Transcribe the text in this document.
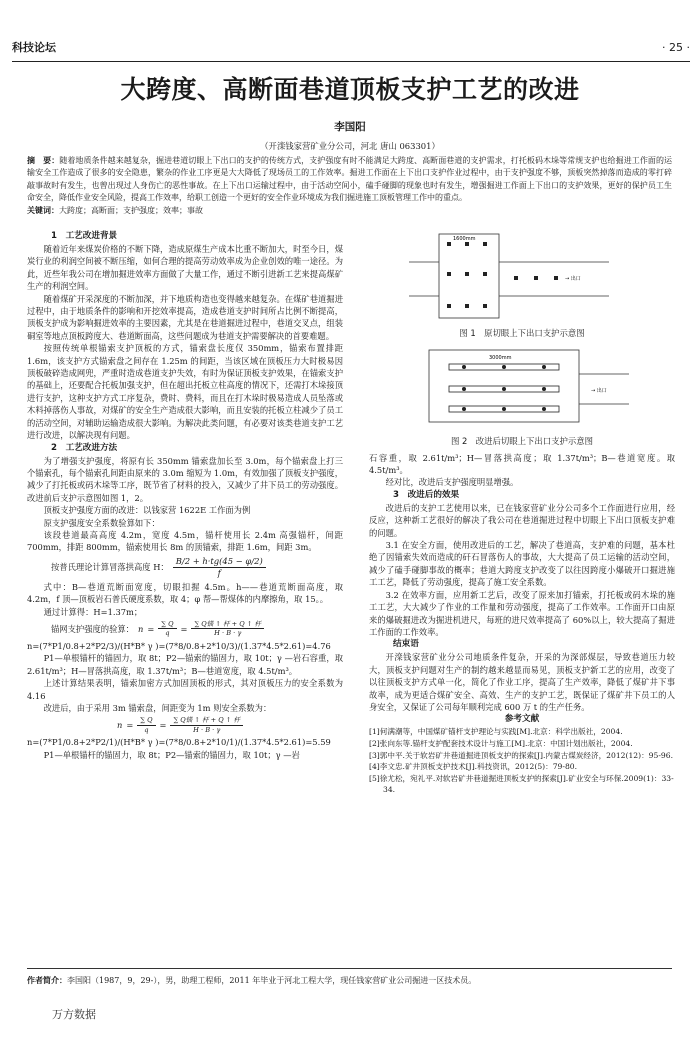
科技论坛	· 25 ·
大跨度、高断面巷道顶板支护工艺的改进
李国阳
（开滦钱家营矿业分公司，河北 唐山 063301）
摘　要：随着地质条件越来越复杂，掘进巷道切眼上下出口的支护的传统方式，支护强度有时不能满足大跨度、高断面巷道的支护需求，打托板码木垛等常规支护也给掘进工作面的运输安全工作造成了很多的安全隐患，繁杂的作业工序更是大大降低了现场员工的工作效率。掘进工作面在上下出口支护作业过程中，由于支护强度不够，顶板突然掉落而造成的零打碎敲事故时有发生，也曾出现过人身伤亡的恶性事故。在上下出口运输过程中，由于活动空间小，磕手碰脚的现象也时有发生，增强掘进工作面上下出口的支护效果，更好的保护员工生命安全，降低作业安全风险，提高工作效率，给职工创造一个更好的安全作业环境成为我们掘进施工顶板管理工作中的重点。
关键词：大跨度；高断面；支护强度；效率；事故
1　工艺改进背景

随着近年来煤炭价格的不断下降，造成原煤生产成本比重不断加大，时至今日，煤炭行业的利润空间被不断压缩，如何合理的提高劳动效率成为企业创效的唯一途径。为此，近些年我公司在增加掘进效率方面做了大量工作，通过不断引进新工艺来提高煤矿生产的利润空间。

随着煤矿开采深度的不断加深，并下地质构造也变得越来越复杂。在煤矿巷道掘进过程中，由于地质条件的影响和开挖效率提高，造成巷道支护时间所占比例不断提高，顶板支护成为影响掘进效率的主要因素，尤其是在巷道掘进过程中，巷道交叉点，组装硐室等地点顶板跨度大、巷道断面高，这些问题成为巷道支护需要解决的首要难题。

按照传统单根锚索支护顶板的方式，锚索盘长度仅 350mm，锚索布置排距 1.6m，该支护方式锚索盘之间存在 1.25m 的间距，当该区域在顶板压力大时极易因顶板破碎造成网兜，严重时造成巷道支护失效，有时为保证顶板支护效果，在锚索支护的基础上，还要配合托板加强支护，但在超出托板立柱高度的情况下，还需打木垛接顶进行支护，这种支护方式工序复杂，费时、费料，而且在打木垛时极易造成人员坠落或木料掉落伤人事故，对煤矿的安全生产造成很大影响，而且安装的托板立柱减少了员工的活动空间，对辅助运输造成很大影响。为解决此类问题，有必要对该类巷道支护工艺进行改进，以解决现有问题。

2　工艺改进方法

为了增强支护强度，将原有长 350mm 锚索盘加长至 3.0m，每个锚索盘上打三个锚索孔，每个锚索孔间距由原来的 3.0m 缩短为 1.0m，有效加强了顶板支护强度，减少了打托板或码木垛等工序，既节省了材料的投入，又减少了井下员工的劳动强度。改进前后支护示意图如图 1，2。

顶板支护强度方面的改进：以钱家营 1622E 工作面为例

原支护强度安全系数验算如下：

该段巷道最高高度 4.2m，宽度 4.5m，锚杆使用长 2.4m 高强锚杆，间距 700mm，排距 800mm，锚索使用长 8m 的顶锚索，排距 1.6m，间距 3m。

按普氏理论计算冒落拱高度 H： $\frac{B/2 + h\cdot tg(45 - \varphi/2)}{f}$

式中：B—巷道荒断面宽度，切眼扣握 4.5m。h——巷道荒断面高度，取 4.2m，f 顶—顶板岩石普氏硬度系数，取 4；φ 帮—帮煤体的内摩擦角，取 15。。

通过计算得：H=1.37m；

锚网支护强度的验算： $n = \frac{\sum Q}{q} = \frac{\text{∑ Q锚 ↑ 杆 + Q ↑ 杆}}{H \cdot B \cdot \gamma}$

n=(7*P1/0.8+2*P2/3)/(H*B* γ )=(7*8/0.8+2*10/3)/(1.37*4.5*2.61)=4.76

P1—单根锚杆的锚固力，取 8t；P2—锚索的锚固力，取 10t；γ —岩石容重，取 2.61t/m³；H—冒落拱高度，取 1.37t/m³；B—巷道宽度，取 4.5t/m³。

上述计算结果表明，锚索加密方式加固顶板的形式，其对顶板压力的安全系数为 4.16

改进后，由于采用 3m 锚索盘，间距变为 1m 则安全系数为：

$n = \frac{\sum Q}{q} = \frac{\text{∑ Q锚 ↑ 杆 + Q ↑ 杆}}{H \cdot B \cdot \gamma}$

n=(7*P1/0.8+2*P2/1)/(H*B* γ )=(7*8/0.8+2*10/1)/(1.37*4.5*2.61)=5.59

P1—单根锚杆的锚固力，取 8t；P2—锚索的锚固力，取 10t；γ —岩

1600mm
→ 出口
图 1　原切眼上下出口支护示意图
3000mm
→ 出口
图 2　改进后切眼上下出口支护示意图

石容重，取 2.61t/m³；H—冒落拱高度；取 1.37t/m³；B—巷道宽度。取 4.5t/m³。

经对比，改进后支护强度明显增强。

3　改进后的效果

改进后的支护工艺使用以来，已在钱家营矿业分公司多个工作面进行应用，经反应，这种新工艺很好的解决了我公司在巷道掘进过程中切眼上下出口顶板支护难的问题。

3.1 在安全方面，使用改进后的工艺，解决了巷道高，支护难的问题，基本杜绝了因锚索失效而造成的矸石冒落伤人的事故，大大提高了员工运输的活动空间，减少了磕手碰脚事故的概率；巷道大跨度支护改变了以往因跨度小爆破开口掘进施工工艺，降低了劳动强度，提高了施工安全系数。

3.2 在效率方面，应用新工艺后，改变了原来加打锚索，打托板或码木垛的施工工艺，大大减少了作业的工作量和劳动强度，提高了工作效率。工作面开口由原来的爆破掘进改为掘进机进尺，每班的进尺效率提高了 60%以上，较大提高了掘进工作面的工作效率。

结束语

开滦钱家营矿业分公司地质条件复杂，开采的为深部煤层，导致巷道压力较大，顶板支护问题对生产的制约越来越显而易见，顶板支护新工艺的应用，改变了以往顶板支护方式单一化，简化了作业工序，提高了生产效率，降低了煤矿井下事故率，成为更适合煤矿安全、高效、生产的支护工艺，既保证了煤矿井下员工的人身安全，又保证了公司每年顺利完成 600 万 t 的生产任务。

参考文献
[1]何满潮等，中国煤矿锚杆支护理论与实践[M].北京：科学出版社，2004.
[2]张向东等.锚杆支护配套技术设计与施工[M].北京：中国计划出版社，2004.
[3]郭中平.关于软岩矿井巷道掘进顶板支护的探索[J].内蒙古煤炭经济，2012(12)：95-96.
[4]李文忠.矿井顶板支护技术[J].科技资讯，2012(5)：79-80.
[5]徐尤松，宛礼平.对软岩矿井巷道掘进顶板支护的探索[J].矿业安全与环保.2009(1)：33-34.
作者简介：李国阳（1987，9，29-），男，助理工程师，2011 年毕业于河北工程大学，现任钱家营矿业公司掘进一区技术员。
万方数据
